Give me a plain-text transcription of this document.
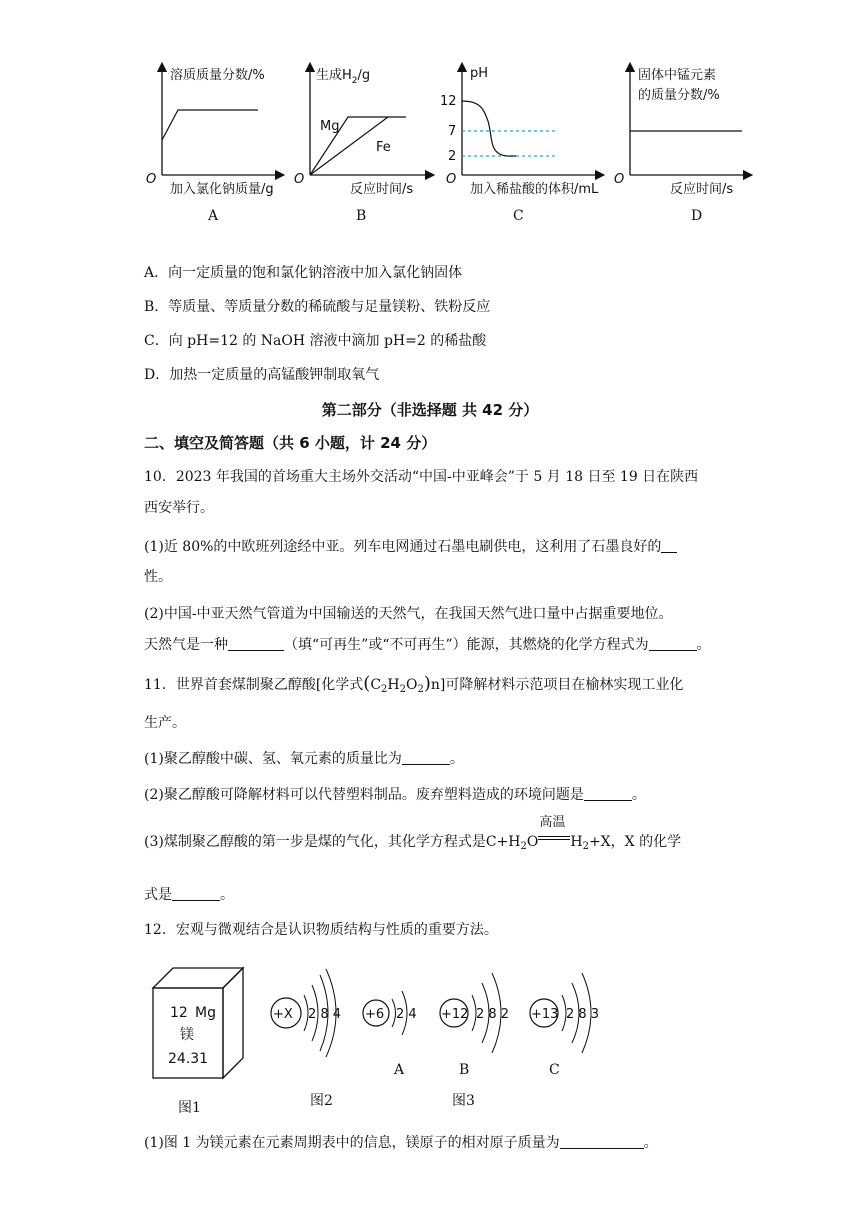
溶质质量分数/%
O
加入氯化钠质量/g
A
生成$H_2/g$
Mg
Fe
O
反应时间/s
B
pH
12
7
2
O
加入稀盐酸的体积/mL
C
固体中锰元素
的质量分数/%
O
反应时间/s
D
A．向一定质量的饱和氯化钠溶液中加入氯化钠固体
B．等质量、等质量分数的稀硫酸与足量镁粉、铁粉反应
C．向 pH=12 的 NaOH 溶液中滴加 pH=2 的稀盐酸
D．加热一定质量的高锰酸钾制取氧气
第二部分（非选择题 共 42 分）
二、填空及简答题（共 6 小题，计 24 分）
10．2023 年我国的首场重大主场外交活动“中国-中亚峰会”于 5 月 18 日至 19 日在陕西
西安举行。
(1)近 80%的中欧班列途经中亚。列车电网通过石墨电刷供电，这利用了石墨良好的
性。
(2)中国-中亚天然气管道为中国输送的天然气，在我国天然气进口量中占据重要地位。
天然气是一种	（填“可再生”或“不可再生”）能源，其燃烧的化学方程式为	。
11．世界首套煤制聚乙醇酸[化学式$(C_2H_2O_2)n$]可降解材料示范项目在榆林实现工业化
生产。
(1)聚乙醇酸中碳、氢、氧元素的质量比为	。
(2)聚乙醇酸可降解材料可以代替塑料制品。废弃塑料造成的环境问题是	。
(3)煤制聚乙醇酸的第一步是煤的气化，其化学方程式是$C+H_2O$
高温
$H_2+X$，X 的化学
式是	。
12．宏观与微观结合是认识物质结构与性质的重要方法。
12 Mg
镁
24.31
图1
+X 2 8 4
图2
+6 2 4
A
+12 2 8 2
B
图3
+13 2 8 3
C
(1)图 1 为镁元素在元素周期表中的信息，镁原子的相对原子质量为	。
